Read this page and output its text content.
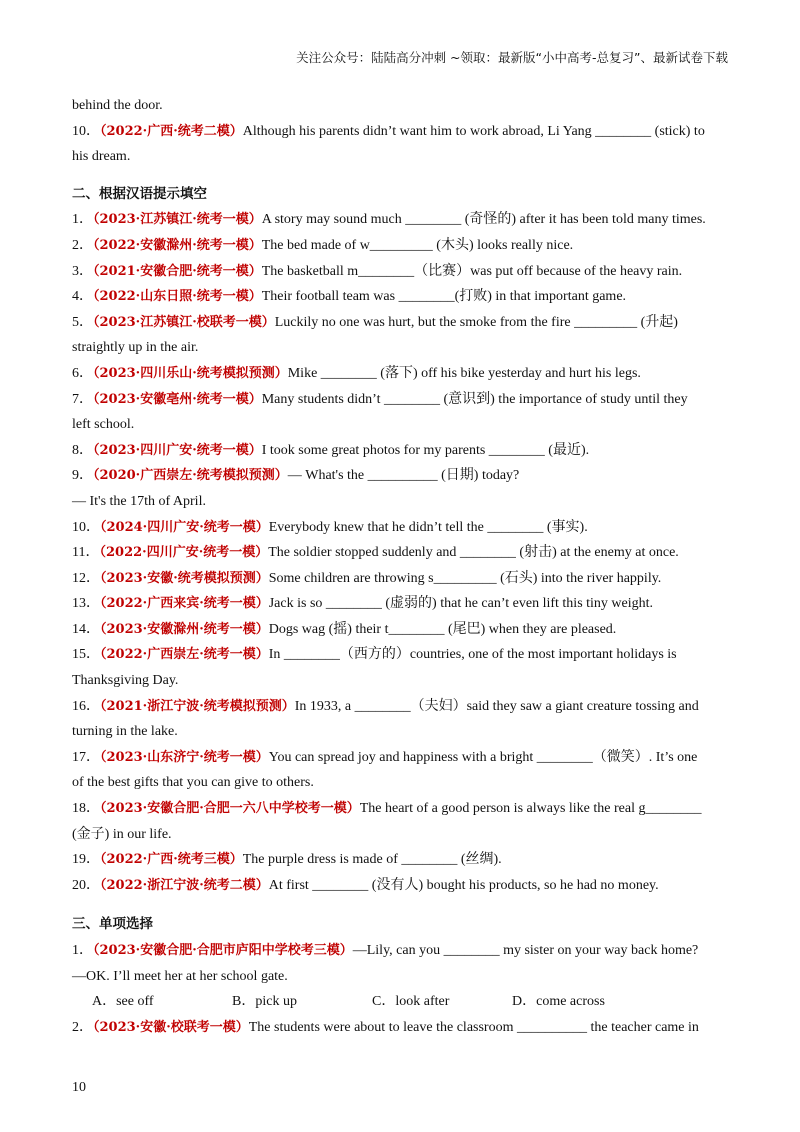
关注公众号：陆陆高分冲刺 ~领取：最新版“小中高考-总复习”、最新试卷下载
behind the door.
10．（2022·广西·统考二模）Although his parents didn’t want him to work abroad, Li Yang ________ (stick) to
his dream.
二、根据汉语提示填空
1．（2023·江苏镇江·统考一模）A story may sound much ________ (奇怪的) after it has been told many times.
2．（2022·安徽滁州·统考一模）The bed made of w_________ (木头) looks really nice.
3．（2021·安徽合肥·统考一模）The basketball m________（比赛）was put off because of the heavy rain.
4．（2022·山东日照·统考一模）Their football team was ________(打败) in that important game.
5．（2023·江苏镇江·校联考一模）Luckily no one was hurt, but the smoke from the fire _________ (升起)
straightly up in the air.
6．（2023·四川乐山·统考模拟预测）Mike ________ (落下) off his bike yesterday and hurt his legs.
7．（2023·安徽亳州·统考一模）Many students didn’t ________ (意识到) the importance of study until they
left school.
8．（2023·四川广安·统考一模）I took some great photos for my parents ________ (最近).
9．（2020·广西崇左·统考模拟预测）— What's the __________ (日期) today?
— It's the 17th of April.
10．（2024·四川广安·统考一模）Everybody knew that he didn’t tell the ________ (事实).
11．（2022·四川广安·统考一模）The soldier stopped suddenly and ________ (射击) at the enemy at once.
12．（2023·安徽·统考模拟预测）Some children are throwing s_________ (石头) into the river happily.
13．（2022·广西来宾·统考一模）Jack is so ________ (虚弱的) that he can’t even lift this tiny weight.
14．（2023·安徽滁州·统考一模）Dogs wag (摇) their t________ (尾巴) when they are pleased.
15．（2022·广西崇左·统考一模）In ________（西方的）countries, one of the most important holidays is
Thanksgiving Day.
16．（2021·浙江宁波·统考模拟预测）In 1933, a ________（夫妇）said they saw a giant creature tossing and
turning in the lake.
17．（2023·山东济宁·统考一模）You can spread joy and happiness with a bright ________（微笑）. It’s one
of the best gifts that you can give to others.
18．（2023·安徽合肥·合肥一六八中学校考一模）The heart of a good person is always like the real g________
(金子) in our life.
19．（2022·广西·统考三模）The purple dress is made of ________ (丝绸).
20．（2022·浙江宁波·统考二模）At first ________ (没有人) bought his products, so he had no money.
三、单项选择
1．（2023·安徽合肥·合肥市庐阳中学校考三模）—Lily, can you ________ my sister on your way back home?
—OK. I’ll meet her at her school gate.
A．see off	B．pick up	C．look after	D．come across
2．（2023·安徽·校联考一模）The students were about to leave the classroom __________ the teacher came in
10
